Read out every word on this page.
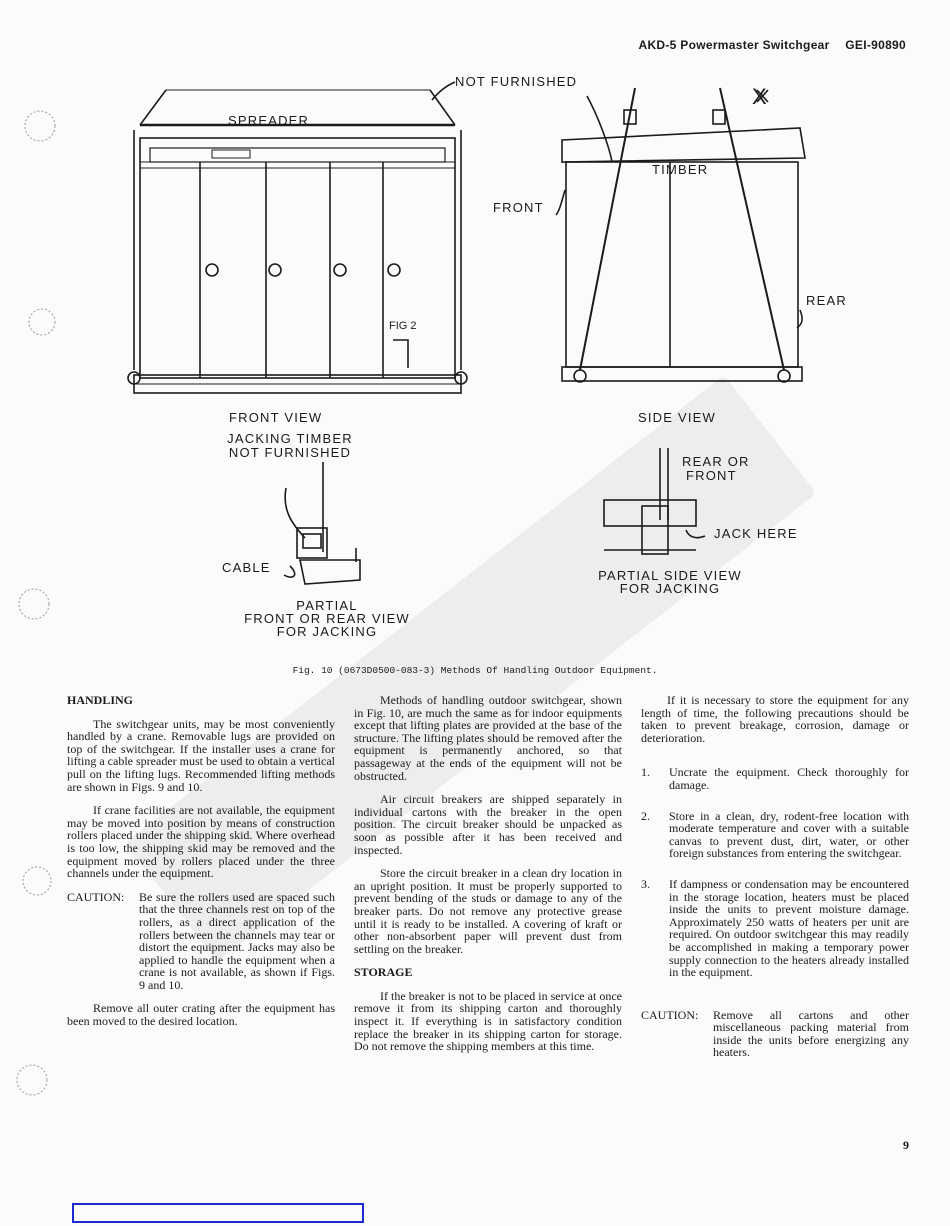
AKD-5 Powermaster Switchgear GEI-90890
NOT FURNISHED
SPREADER
TIMBER
FRONT
REAR
FIG 2
X
FRONT VIEW	SIDE VIEW
JACKING TIMBER
NOT FURNISHED
CABLE
PARTIAL
FRONT OR REAR VIEW
FOR JACKING
REAR OR
FRONT
JACK HERE
PARTIAL SIDE VIEW
FOR JACKING
Fig. 10 (0673D0500-083-3) Methods Of Handling Outdoor Equipment.
HANDLING

The switchgear units, may be most conveniently handled by a crane. Removable lugs are provided on top of the switchgear. If the installer uses a crane for lifting a cable spreader must be used to obtain a vertical pull on the lifting lugs. Recommended lifting methods are shown in Figs. 9 and 10.

If crane facilities are not available, the equipment may be moved into position by means of construction rollers placed under the shipping skid. Where overhead is too low, the shipping skid may be removed and the equipment moved by rollers placed under the three channels under the equipment.

CAUTION:	Be sure the rollers used are spaced such that the three channels rest on top of the rollers, as a direct application of the rollers between the channels may tear or distort the equipment. Jacks may also be applied to handle the equipment when a crane is not available, as shown if Figs. 9 and 10.

Remove all outer crating after the equipment has been moved to the desired location.

Methods of handling outdoor switchgear, shown in Fig. 10, are much the same as for indoor equipments except that lifting plates are provided at the base of the structure. The lifting plates should be removed after the equipment is permanently anchored, so that passageway at the ends of the equipment will not be obstructed.

Air circuit breakers are shipped separately in individual cartons with the breaker in the open position. The circuit breaker should be unpacked as soon as possible after it has been received and inspected.

Store the circuit breaker in a clean dry location in an upright position. It must be properly supported to prevent bending of the studs or damage to any of the breaker parts. Do not remove any protective grease until it is ready to be installed. A covering of kraft or other non-absorbent paper will prevent dust from settling on the breaker.

STORAGE

If the breaker is not to be placed in service at once remove it from its shipping carton and thoroughly inspect it. If everything is in satisfactory condition replace the breaker in its shipping carton for storage. Do not remove the shipping members at this time.

If it is necessary to store the equipment for any length of time, the following precautions should be taken to prevent breakage, corrosion, damage or deterioration.

1.	Uncrate the equipment. Check thoroughly for damage.
2.	Store in a clean, dry, rodent-free location with moderate temperature and cover with a suitable canvas to prevent dust, dirt, water, or other foreign substances from entering the switchgear.
3.	If dampness or condensation may be encountered in the storage location, heaters must be placed inside the units to prevent moisture damage. Approximately 250 watts of heaters per unit are required. On outdoor switchgear this may readily be accomplished in making a temporary power supply connection to the heaters already installed in the equipment.
CAUTION:	Remove all cartons and other miscellaneous packing material from inside the units before energizing any heaters.
9
